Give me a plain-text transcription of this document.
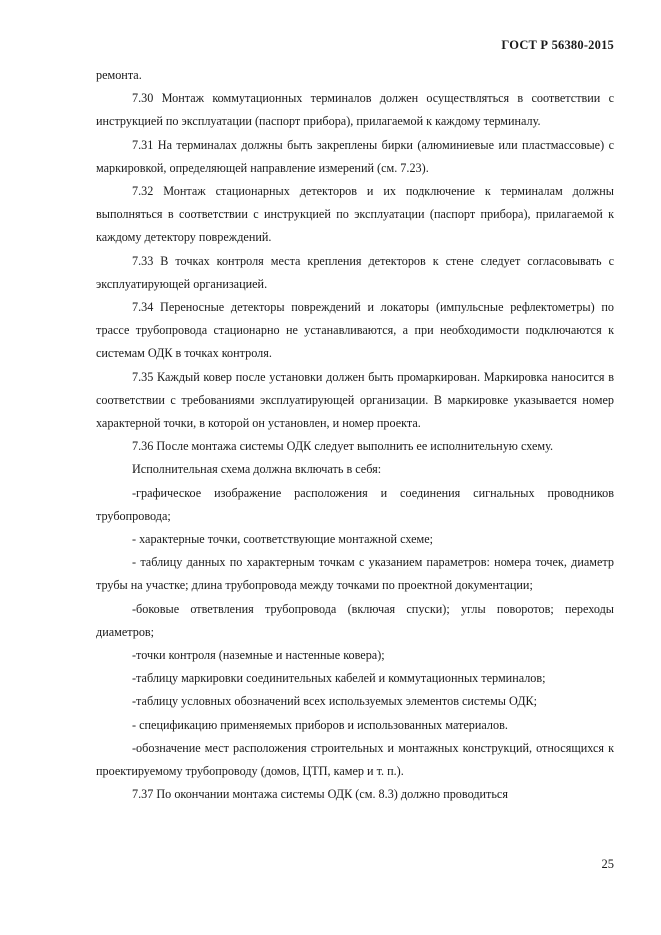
ГОСТ Р 56380-2015

ремонта.

7.30 Монтаж коммутационных терминалов должен осуществляться в соответствии с инструкцией по эксплуатации (паспорт прибора), прилагаемой к каждому терминалу.

7.31 На терминалах должны быть закреплены бирки (алюминиевые или пластмассовые) с маркировкой, определяющей направление измерений (см. 7.23).

7.32 Монтаж стационарных детекторов и их подключение к терминалам должны выполняться в соответствии с инструкцией по эксплуатации (паспорт прибора), прилагаемой к каждому детектору повреждений.

7.33 В точках контроля места крепления детекторов к стене следует согласовывать с эксплуатирующей организацией.

7.34 Переносные детекторы повреждений и локаторы (импульсные рефлектометры) по трассе трубопровода стационарно не устанавливаются, а при необходимости подключаются к системам ОДК в точках контроля.

7.35 Каждый ковер после установки должен быть промаркирован. Маркировка наносится в соответствии с требованиями эксплуатирующей организации. В маркировке указывается номер характерной точки, в которой он установлен, и номер проекта.

7.36 После монтажа системы ОДК следует выполнить ее исполнительную схему.

Исполнительная схема должна включать в себя:

-графическое изображение расположения и соединения сигнальных проводников трубопровода;

- характерные точки, соответствующие монтажной схеме;

- таблицу данных по характерным точкам с указанием параметров: номера точек, диаметр трубы на участке; длина трубопровода между точками по проектной документации;

-боковые ответвления трубопровода (включая спуски); углы поворотов; переходы диаметров;

-точки контроля (наземные и настенные ковера);

-таблицу маркировки соединительных кабелей и коммутационных терминалов;

-таблицу условных обозначений всех используемых элементов системы ОДК;

- спецификацию применяемых приборов и использованных материалов.

-обозначение мест расположения строительных и монтажных конструкций, относящихся к проектируемому трубопроводу (домов, ЦТП, камер и т. п.).

7.37 По окончании монтажа системы ОДК (см. 8.3) должно проводиться

25
